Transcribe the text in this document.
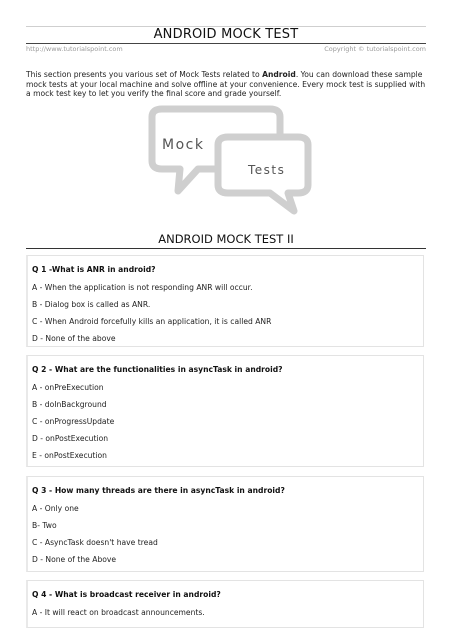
ANDROID MOCK TEST
http://www.tutorialspoint.com	Copyright © tutorialspoint.com
This section presents you various set of Mock Tests related to Android. You can download these sample mock tests at your local machine and solve offline at your convenience. Every mock test is supplied with a mock test key to let you verify the final score and grade yourself.
Mock
Tests
ANDROID MOCK TEST II
Q 1 -What is ANR in android?
A - When the application is not responding ANR will occur.
B - Dialog box is called as ANR.
C - When Android forcefully kills an application, it is called ANR
D - None of the above
Q 2 - What are the functionalities in asyncTask in android?
A - onPreExecution
B - doInBackground
C - onProgressUpdate
D - onPostExecution
E - onPostExecution
Q 3 - How many threads are there in asyncTask in android?
A - Only one
B- Two
C - AsyncTask doesn't have tread
D - None of the Above
Q 4 - What is broadcast receiver in android?
A - It will react on broadcast announcements.
